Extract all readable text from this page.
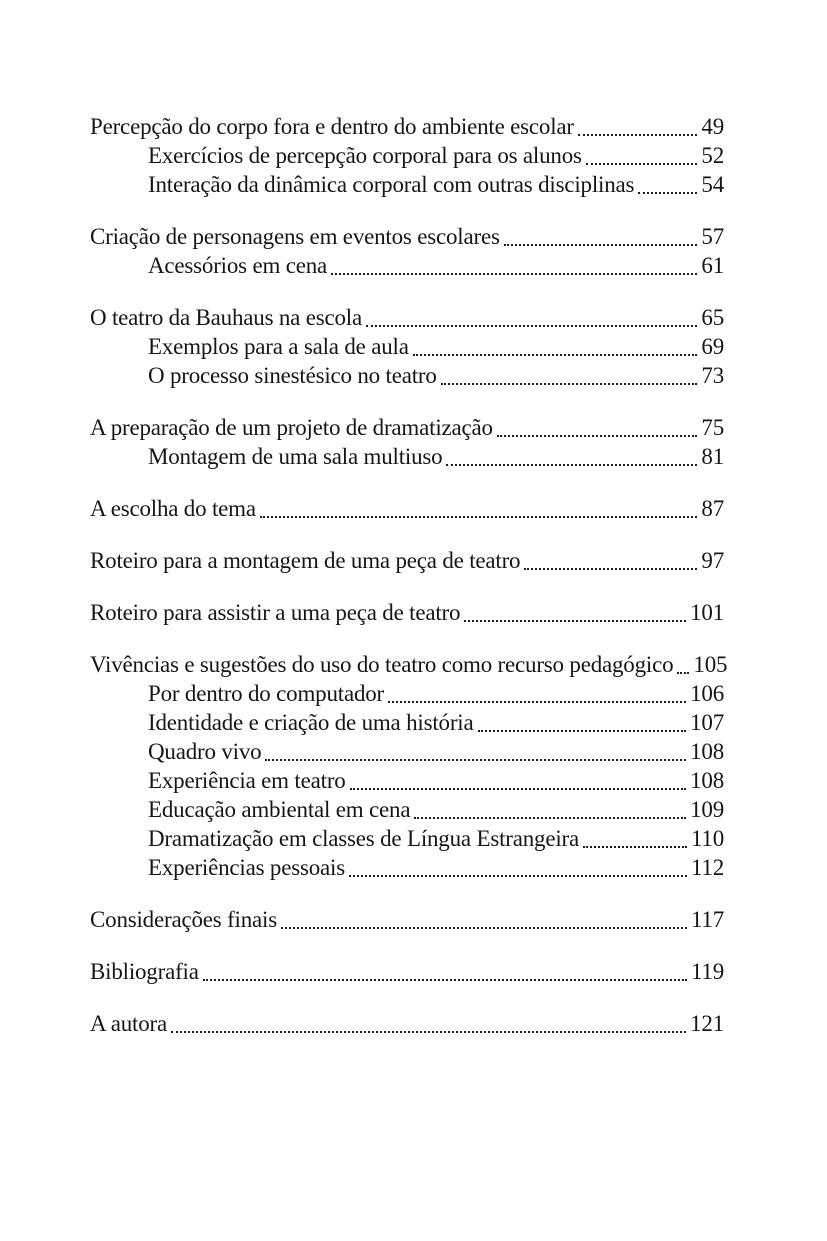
Percepção do corpo fora e dentro do ambiente escolar	49
Exercícios de percepção corporal para os alunos	52
Interação da dinâmica corporal com outras disciplinas	54
Criação de personagens em eventos escolares	57
Acessórios em cena	61
O teatro da Bauhaus na escola	65
Exemplos para a sala de aula	69
O processo sinestésico no teatro	73
A preparação de um projeto de dramatização	75
Montagem de uma sala multiuso	81
A escolha do tema	87
Roteiro para a montagem de uma peça de teatro	97
Roteiro para assistir a uma peça de teatro	101
Vivências e sugestões do uso do teatro como recurso pedagógico 105
Por dentro do computador	106
Identidade e criação de uma história	107
Quadro vivo	108
Experiência em teatro	108
Educação ambiental em cena	109
Dramatização em classes de Língua Estrangeira	110
Experiências pessoais	112
Considerações finais	117
Bibliografia	119
A autora	121
